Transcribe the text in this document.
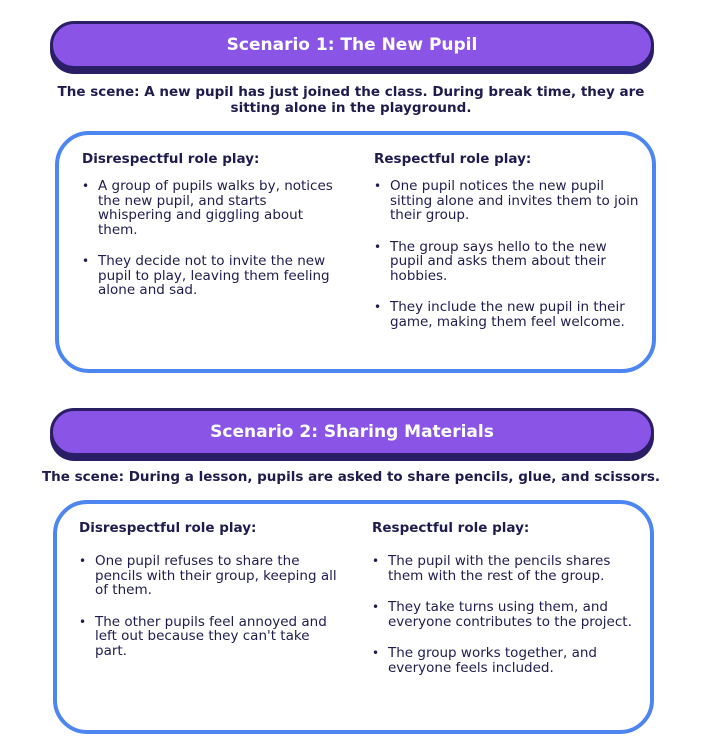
Scenario 1: The New Pupil
The scene: A new pupil has just joined the class. During break time, they are sitting alone in the playground.
Disrespectful role play:
• A group of pupils walks by, notices the new pupil, and starts whispering and giggling about them.
• They decide not to invite the new pupil to play, leaving them feeling alone and sad.
Respectful role play:
• One pupil notices the new pupil sitting alone and invites them to join their group.
• The group says hello to the new pupil and asks them about their hobbies.
• They include the new pupil in their game, making them feel welcome.
Scenario 2: Sharing Materials
The scene: During a lesson, pupils are asked to share pencils, glue, and scissors.
Disrespectful role play:
• One pupil refuses to share the pencils with their group, keeping all of them.
• The other pupils feel annoyed and left out because they can't take part.
Respectful role play:
• The pupil with the pencils shares them with the rest of the group.
• They take turns using them, and everyone contributes to the project.
• The group works together, and everyone feels included.
